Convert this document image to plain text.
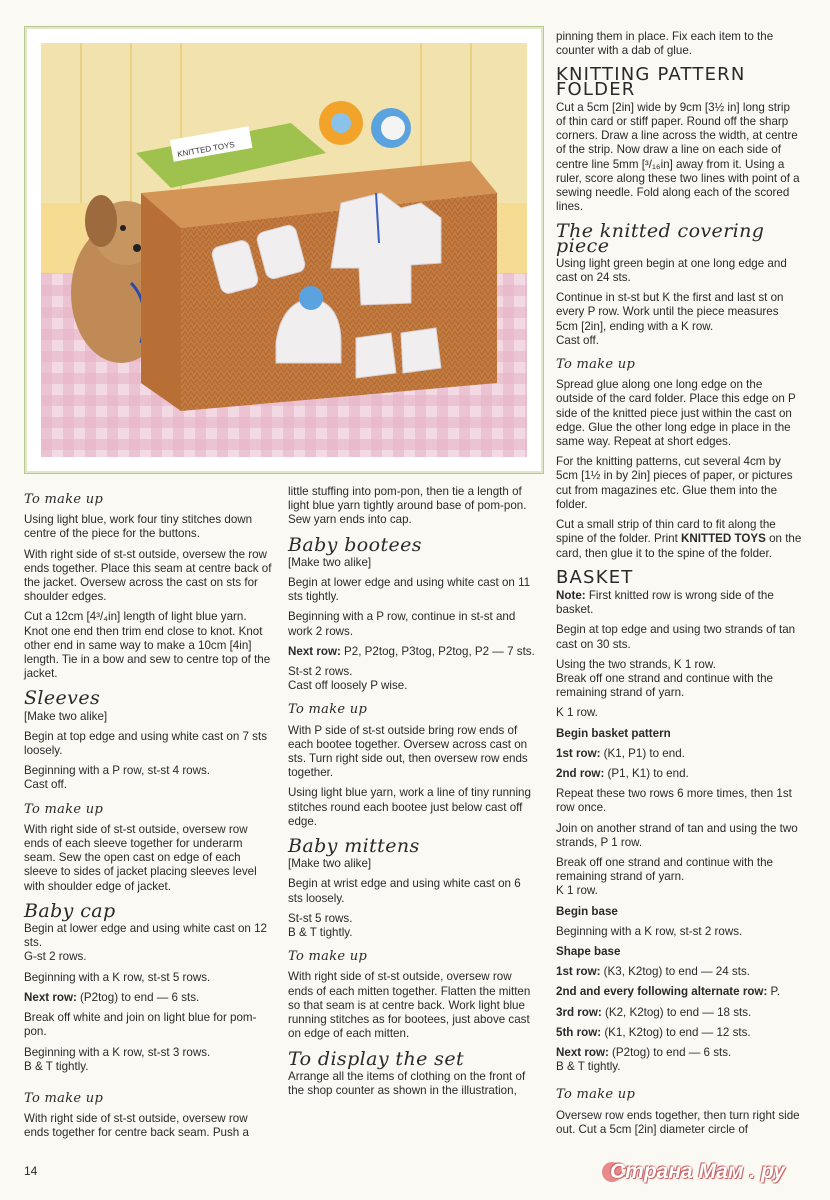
KNITTED TOYS
To make up

Using light blue, work four tiny stitches down centre of the piece for the buttons.

With right side of st-st outside, oversew the row ends together. Place this seam at centre back of the jacket. Oversew across the cast on sts for shoulder edges.

Cut a 12cm [4³/₄in] length of light blue yarn. Knot one end then trim end close to knot. Knot other end in same way to make a 10cm [4in] length. Tie in a bow and sew to centre top of the jacket.

Sleeves

[Make two alike]

Begin at top edge and using white cast on 7 sts loosely.

Beginning with a P row, st-st 4 rows.

Cast off.

To make up

With right side of st-st outside, oversew row ends of each sleeve together for underarm seam. Sew the open cast on edge of each sleeve to sides of jacket placing sleeves level with shoulder edge of jacket.

Baby cap

Begin at lower edge and using white cast on 12 sts.

G-st 2 rows.

Beginning with a K row, st-st 5 rows.

Next row: (P2tog) to end — 6 sts.

Break off white and join on light blue for pom-pon.

Beginning with a K row, st-st 3 rows.

B & T tightly.

To make up

With right side of st-st outside, oversew row ends together for centre back seam. Push a

little stuffing into pom-pon, then tie a length of light blue yarn tightly around base of pom-pon. Sew yarn ends into cap.

Baby bootees

[Make two alike]

Begin at lower edge and using white cast on 11 sts tightly.

Beginning with a P row, continue in st-st and work 2 rows.

Next row: P2, P2tog, P3tog, P2tog, P2 — 7 sts.

St-st 2 rows.

Cast off loosely P wise.

To make up

With P side of st-st outside bring row ends of each bootee together. Oversew across cast on sts. Turn right side out, then oversew row ends together.

Using light blue yarn, work a line of tiny running stitches round each bootee just below cast off edge.

Baby mittens

[Make two alike]

Begin at wrist edge and using white cast on 6 sts loosely.

St-st 5 rows.

B & T tightly.

To make up

With right side of st-st outside, oversew row ends of each mitten together. Flatten the mitten so that seam is at centre back. Work light blue running stitches as for bootees, just above cast on edge of each mitten.

To display the set

Arrange all the items of clothing on the front of the shop counter as shown in the illustration,

pinning them in place. Fix each item to the counter with a dab of glue.

KNITTING PATTERN FOLDER

Cut a 5cm [2in] wide by 9cm [3½ in] long strip of thin card or stiff paper. Round off the sharp corners. Draw a line across the width, at centre of the strip. Now draw a line on each side of centre line 5mm [³/₁₆in] away from it. Using a ruler, score along these two lines with point of a sewing needle. Fold along each of the scored lines.

The knitted covering piece

Using light green begin at one long edge and cast on 24 sts.

Continue in st-st but K the first and last st on every P row. Work until the piece measures 5cm [2in], ending with a K row.

Cast off.

To make up

Spread glue along one long edge on the outside of the card folder. Place this edge on P side of the knitted piece just within the cast on edge. Glue the other long edge in place in the same way. Repeat at short edges.

For the knitting patterns, cut several 4cm by 5cm [1½ in by 2in] pieces of paper, or pictures cut from magazines etc. Glue them into the folder.

Cut a small strip of thin card to fit along the spine of the folder. Print KNITTED TOYS on the card, then glue it to the spine of the folder.

BASKET

Note: First knitted row is wrong side of the basket.

Begin at top edge and using two strands of tan cast on 30 sts.

Using the two strands, K 1 row.

Break off one strand and continue with the remaining strand of yarn.

K 1 row.

Begin basket pattern

1st row: (K1, P1) to end.

2nd row: (P1, K1) to end.

Repeat these two rows 6 more times, then 1st row once.

Join on another strand of tan and using the two strands, P 1 row.

Break off one strand and continue with the remaining strand of yarn.

K 1 row.

Begin base

Beginning with a K row, st-st 2 rows.

Shape base

1st row: (K3, K2tog) to end — 24 sts.

2nd and every following alternate row: P.

3rd row: (K2, K2tog) to end — 18 sts.

5th row: (K1, K2tog) to end — 12 sts.

Next row: (P2tog) to end — 6 sts.

B & T tightly.

To make up

Oversew row ends together, then turn right side out. Cut a 5cm [2in] diameter circle of

14	Страна Мам . ру
